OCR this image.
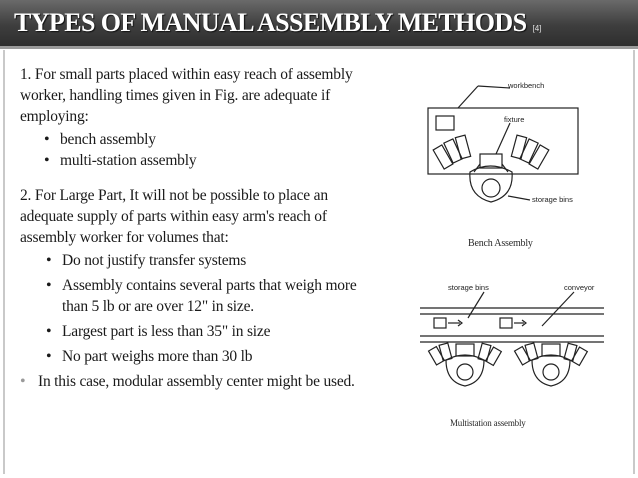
TYPES OF MANUAL ASSEMBLY METHODS [4]

1. For small parts placed within easy reach of assembly worker, handling times given in Fig. are adequate if employing:

• bench assembly
• multi-station assembly

2. For Large Part, It will not be possible to place an adequate supply of parts within easy arm's reach of assembly worker for volumes that:

• Do not justify transfer systems
• Assembly contains several parts that weigh more than 5 lb or are over 12" in size.
• Largest part is less than 35" in size
• No part weighs more than 30 lb
• In this case, modular assembly center might be used.
workbench
fixture
storage bins
Bench Assembly
storage bins	conveyor
Multistation assembly
